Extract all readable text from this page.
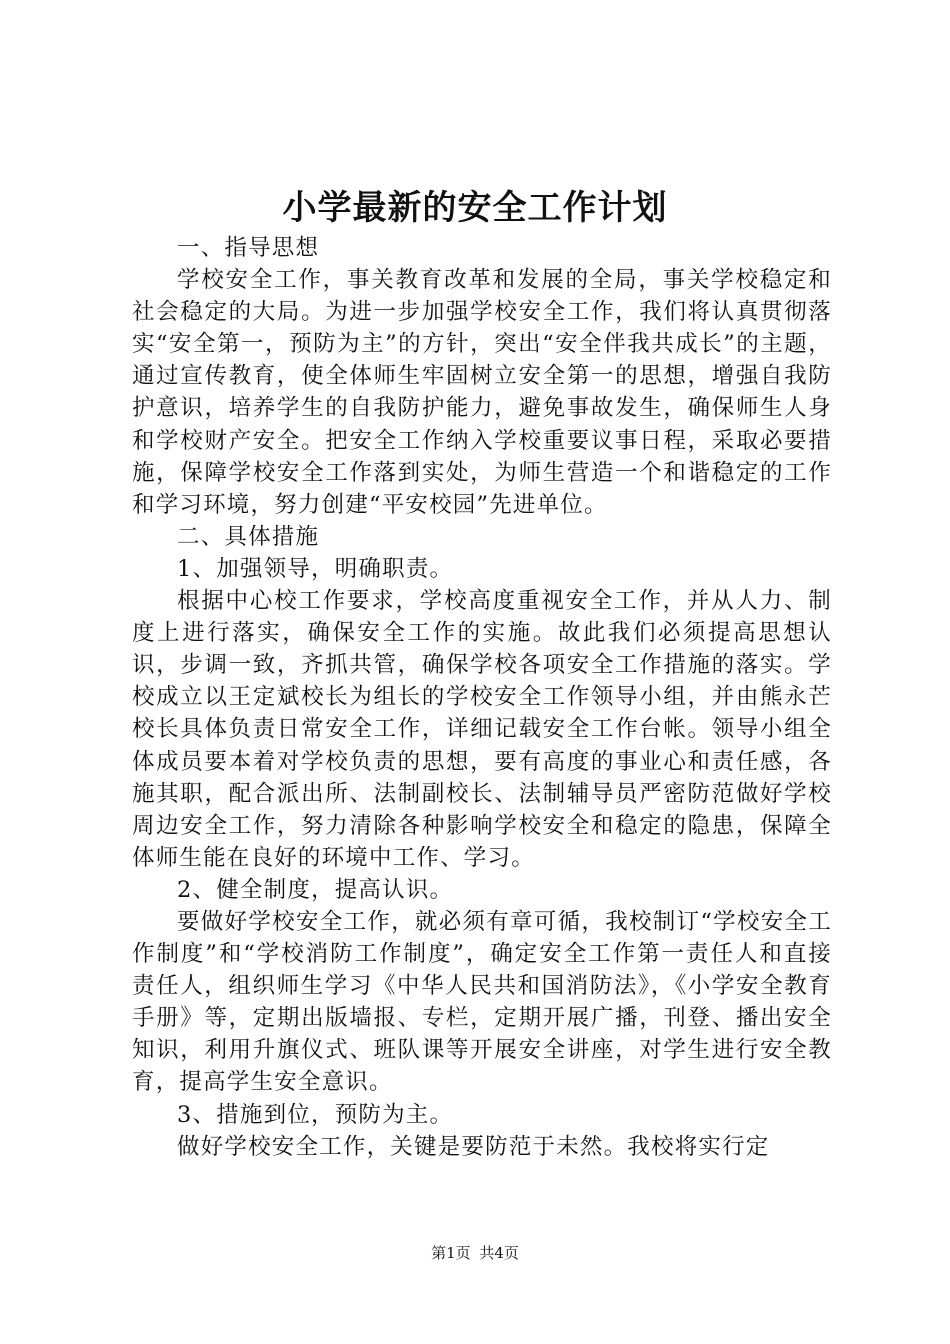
小学最新的安全工作计划

一、指导思想

学校安全工作，事关教育改革和发展的全局，事关学校稳定和社会稳定的大局。为进一步加强学校安全工作，我们将认真贯彻落实“安全第一，预防为主”的方针，突出“安全伴我共成长”的主题，通过宣传教育，使全体师生牢固树立安全第一的思想，增强自我防护意识，培养学生的自我防护能力，避免事故发生，确保师生人身和学校财产安全。把安全工作纳入学校重要议事日程，采取必要措施，保障学校安全工作落到实处，为师生营造一个和谐稳定的工作和学习环境，努力创建“平安校园”先进单位。

二、具体措施

1、加强领导，明确职责。

根据中心校工作要求，学校高度重视安全工作，并从人力、制度上进行落实，确保安全工作的实施。故此我们必须提高思想认识，步调一致，齐抓共管，确保学校各项安全工作措施的落实。学校成立以王定斌校长为组长的学校安全工作领导小组，并由熊永芒校长具体负责日常安全工作，详细记载安全工作台帐。领导小组全体成员要本着对学校负责的思想，要有高度的事业心和责任感，各施其职，配合派出所、法制副校长、法制辅导员严密防范做好学校周边安全工作，努力清除各种影响学校安全和稳定的隐患，保障全体师生能在良好的环境中工作、学习。

2、健全制度，提高认识。

要做好学校安全工作，就必须有章可循，我校制订“学校安全工作制度”和“学校消防工作制度”，确定安全工作第一责任人和直接责任人，组织师生学习《中华人民共和国消防法》，《小学安全教育手册》等，定期出版墙报、专栏，定期开展广播，刊登、播出安全知识，利用升旗仪式、班队课等开展安全讲座，对学生进行安全教育，提高学生安全意识。

3、措施到位，预防为主。

做好学校安全工作，关键是要防范于未然。我校将实行定

第1页 共4页
